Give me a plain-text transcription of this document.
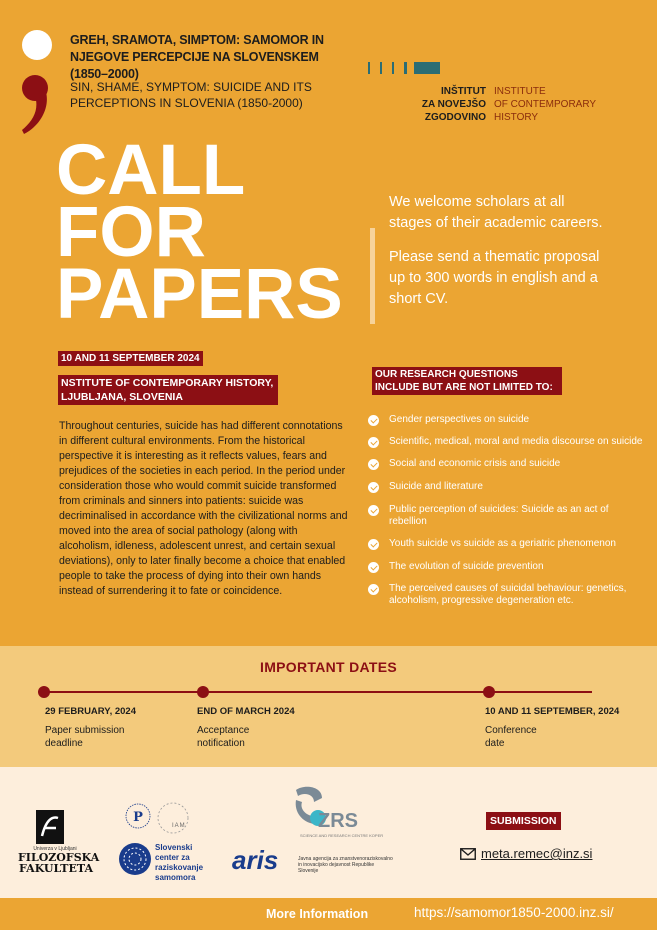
GREH, SRAMOTA, SIMPTOM: SAMOMOR IN NJEGOVE PERCEPCIJE NA SLOVENSKEM (1850–2000)
SIN, SHAME, SYMPTOM: SUICIDE AND ITS PERCEPTIONS IN SLOVENIA (1850-2000)
INŠTITUT
ZA NOVEJŠO ZGODOVINO
INSTITUTE
OF CONTEMPORARY HISTORY
CALL
FOR
PAPERS

We welcome scholars at all stages of their academic careers.

Please send a thematic proposal up to 300 words in english and a short CV.

10 AND 11 SEPTEMBER 2024
NSTITUTE OF CONTEMPORARY HISTORY, LJUBLJANA, SLOVENIA
Throughout centuries, suicide has had different connotations in different cultural environments. From the historical perspective it is interesting as it reflects values, fears and prejudices of the societies in each period. In the period under consideration those who would commit suicide transformed from criminals and sinners into patients: suicide was decriminalised in accordance with the civilizational norms and moved into the area of social pathology (along with alcoholism, idleness, adolescent unrest, and certain sexual deviations), only to later finally become a choice that enabled people to take the process of dying into their own hands instead of surrendering it to fate or coincidence.
OUR RESEARCH QUESTIONS INCLUDE BUT ARE NOT LIMITED TO:
Gender perspectives on suicide
Scientific, medical, moral and media discourse on suicide
Social and economic crisis and suicide
Suicide and literature
Public perception of suicides: Suicide as an act of rebellion
Youth suicide vs suicide as a geriatric phenomenon
The evolution of suicide prevention
The perceived causes of suicidal behaviour: genetics, alcoholism, progressive degeneration etc.
IMPORTANT DATES
29 FEBRUARY, 2024
Paper submission
deadline
END OF MARCH 2024
Acceptance
notification
10 AND 11 SEPTEMBER, 2024
Conference
date
Univerza v Ljubljani
FILOZOFSKA
FAKULTETA
P
IAM
Slovenski
center za
raziskovanje
samomora
ZRS
SCIENCE AND RESEARCH CENTRE KOPER
aris	Javna agencija za znanstvenoraziskovalno in inovacijsko dejavnost Republike Slovenije
SUBMISSION
meta.remec@inz.si
More Information	https://samomor1850-2000.inz.si/
